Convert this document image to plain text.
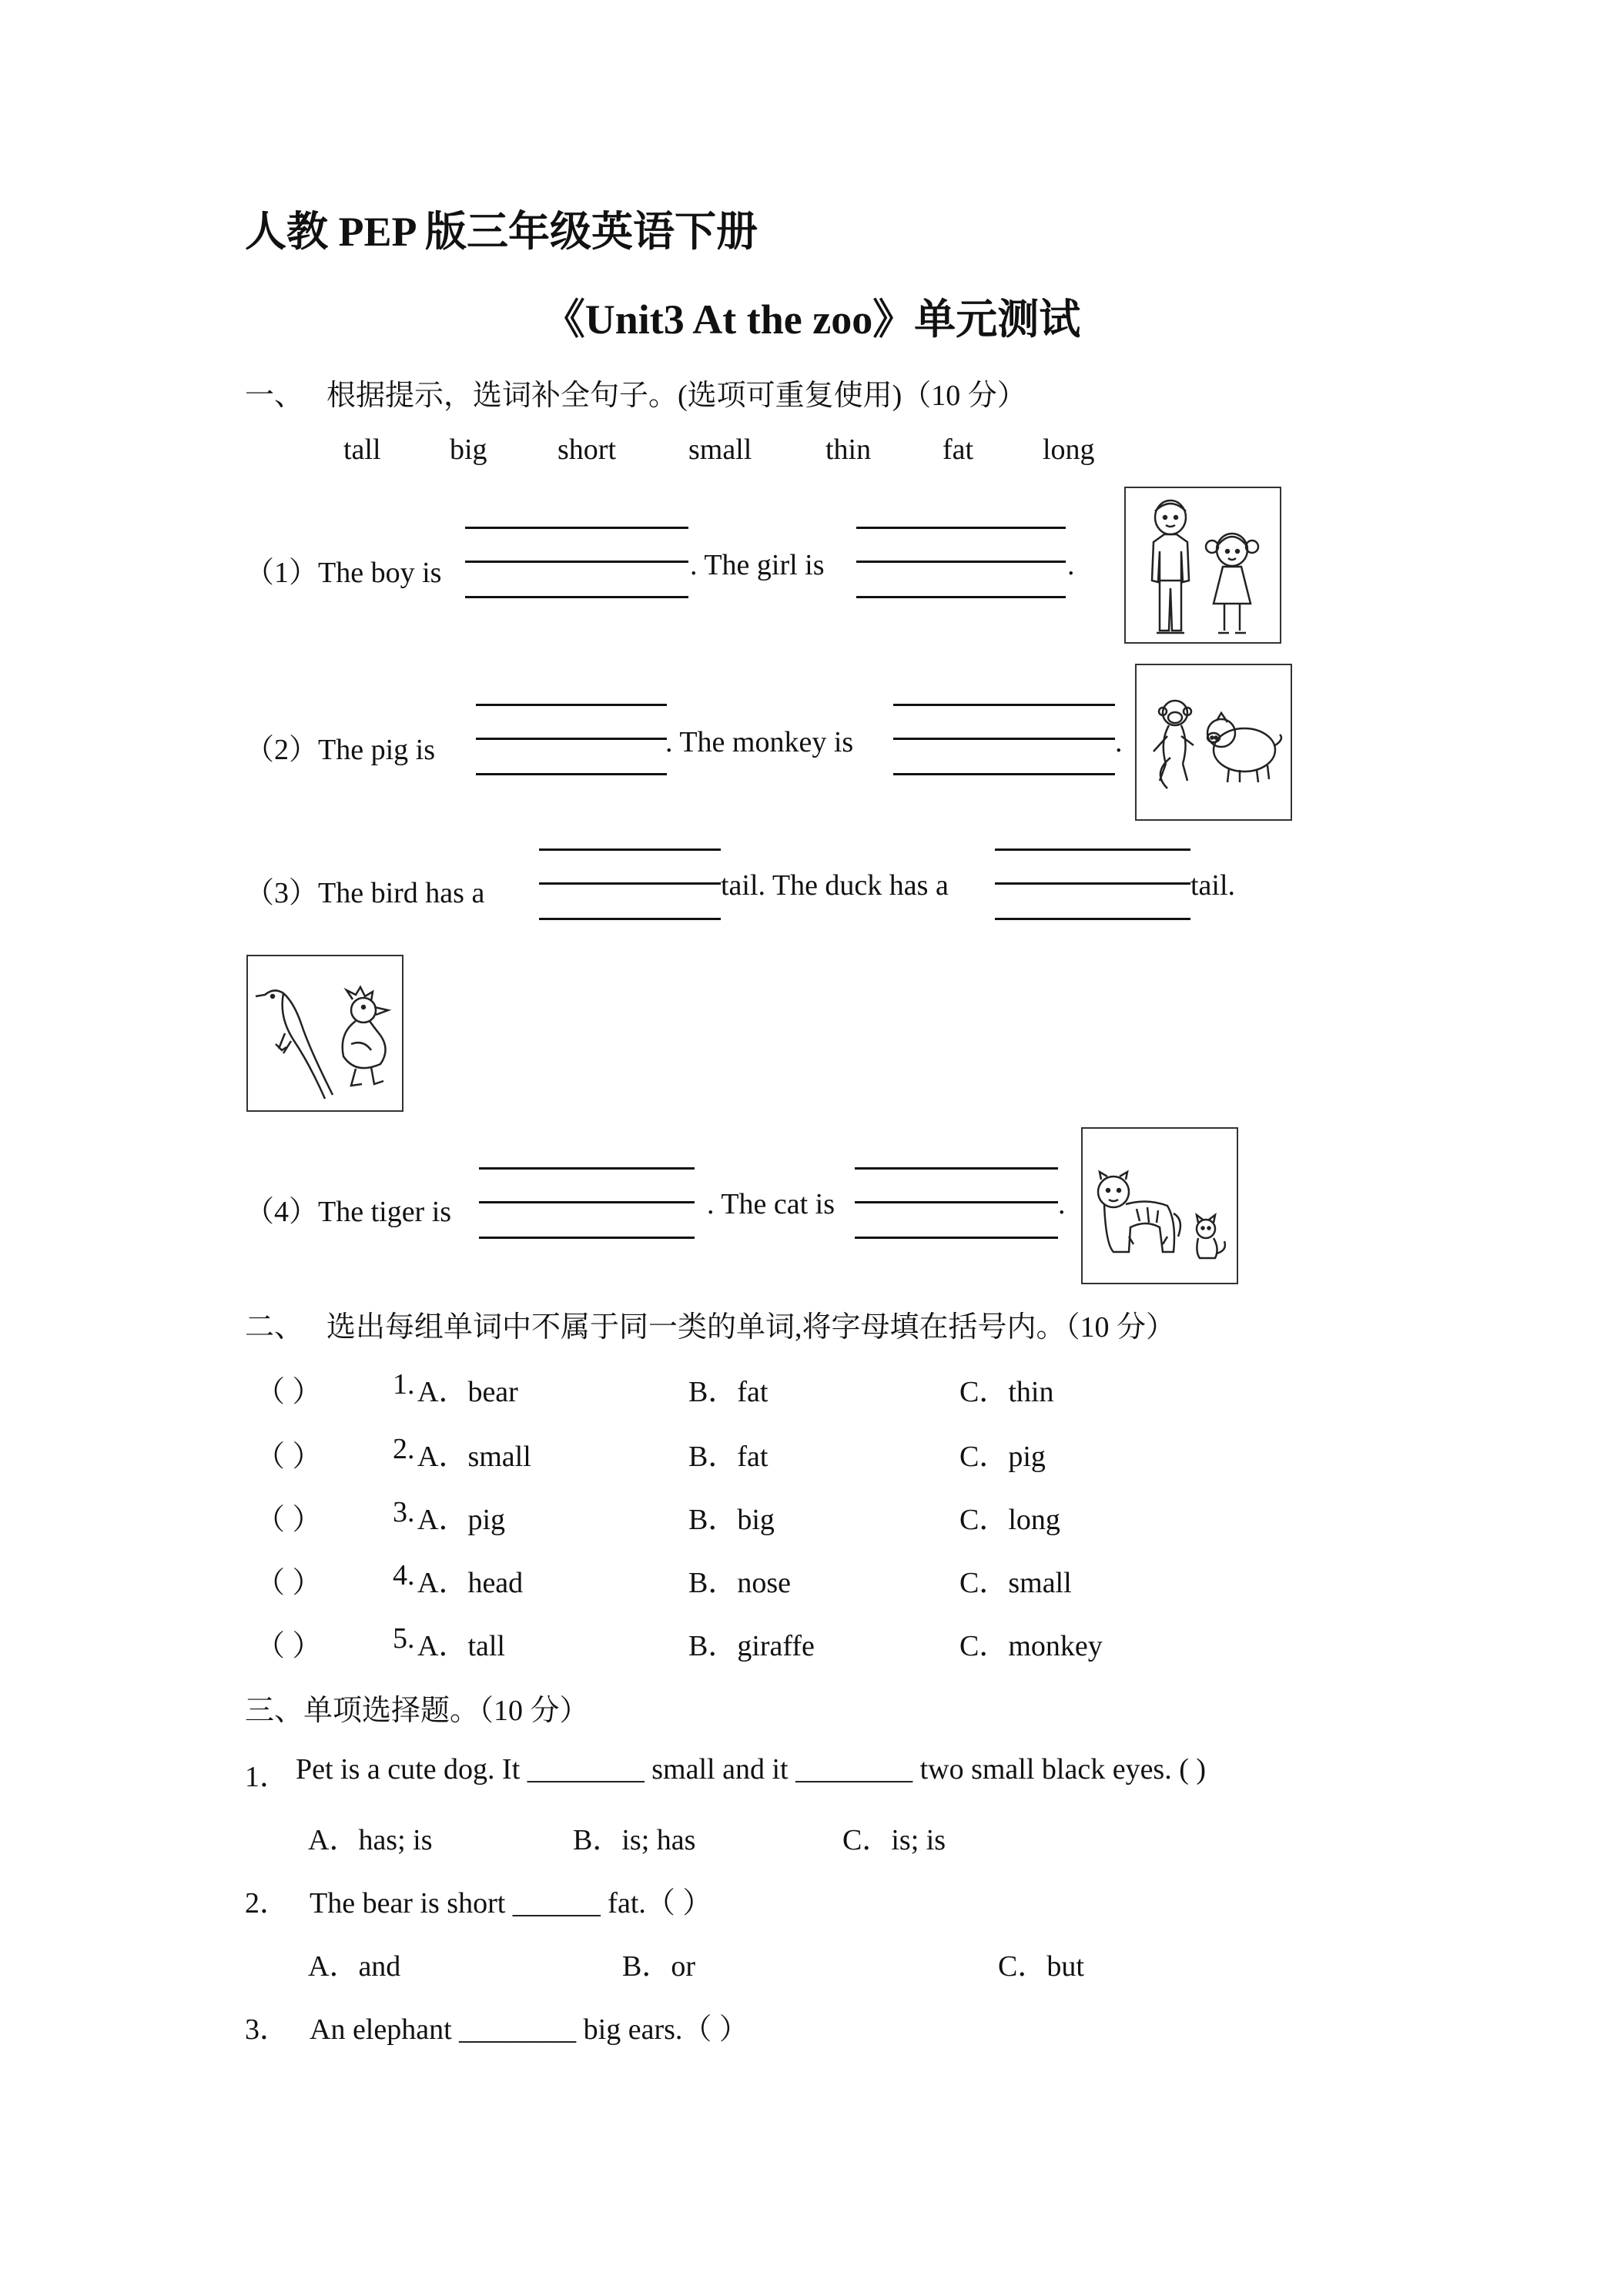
人教 PEP 版三年级英语下册
《Unit3 At the zoo》单元测试
一、 根据提示，选词补全句子。(选项可重复使用)（10 分）
tall big short small	thin fat long
（1）The boy is	. The girl is	.
（2）The pig is	. The monkey is	.
（3）The bird has a	tail. The duck has a	tail.
（4）The tiger is	. The cat is	.
二、 选出每组单词中不属于同一类的单词,将字母填在括号内。（10 分）
（ ） 1. A．bear	B．fat	C．thin
（ ） 2. A．small	B．fat	C．pig
（ ） 3. A．pig	B．big	C．long
（ ） 4. A．head	B．nose	C．small
（ ） 5. A．tall	B．giraffe	C．monkey
三、单项选择题。（10 分）
1． Pet is a cute dog. It ________ small and it ________ two small black eyes. ( )
A．has; is	B．is; has	C．is; is
2． The bear is short ______ fat.（ ）
A．and	B．or	C．but
3． An elephant ________ big ears.（ ）
